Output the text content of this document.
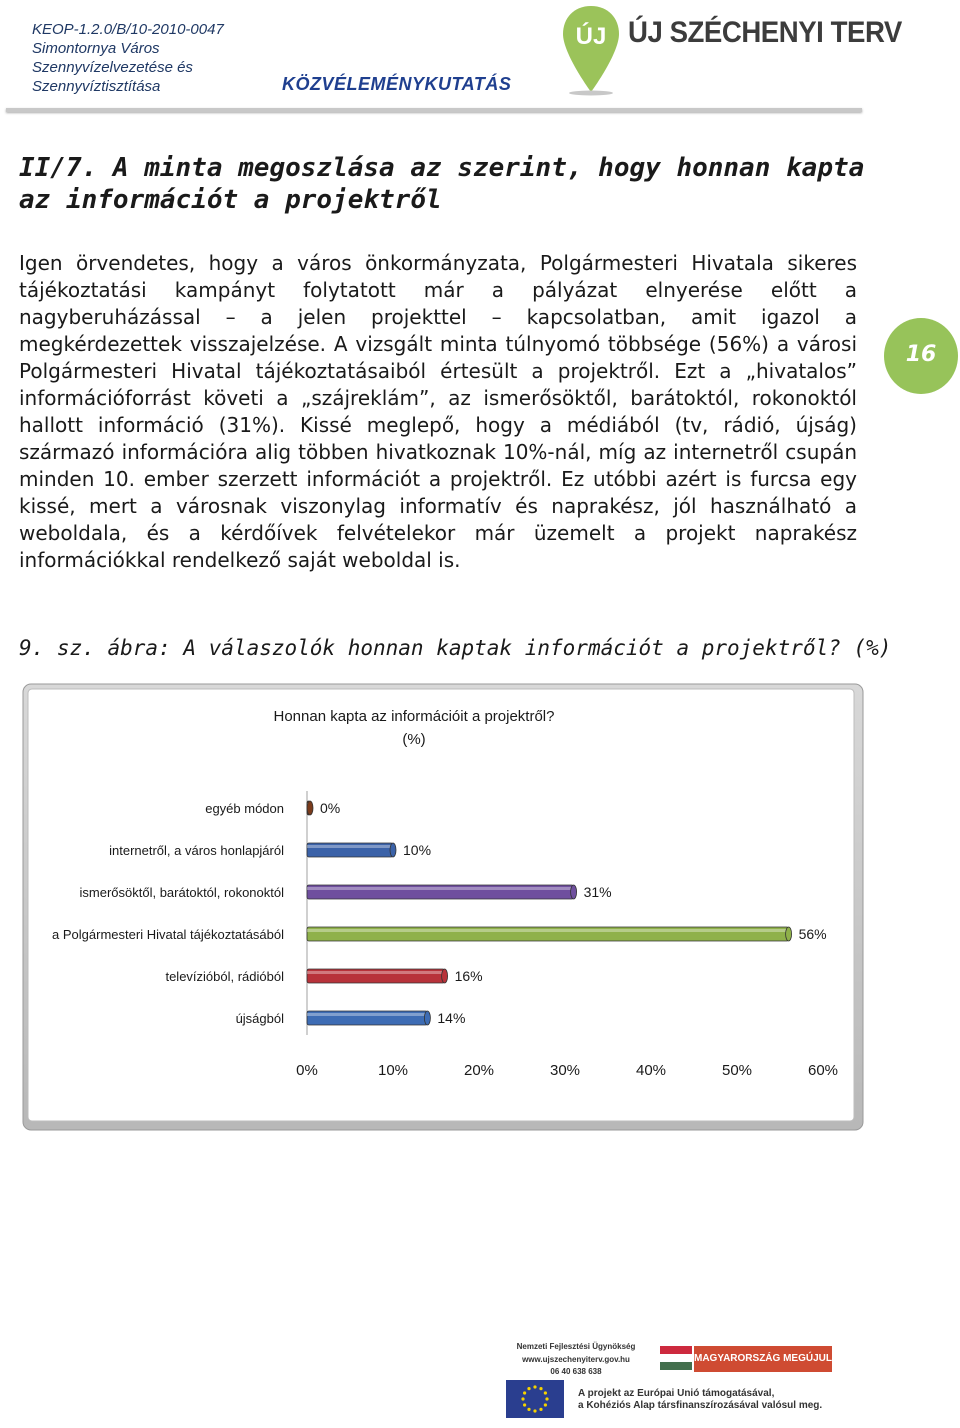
KEOP-1.2.0/B/10-2010-0047
Simontornya Város
Szennyvízelvezetése és
Szennyvíztisztítása	KÖZVÉLEMÉNYKUTATÁS
ÚJ ÚJ SZÉCHENYI TERV
16
II/7. A minta megoszlása az szerint, hogy honnan kapta az információt a projektről
Igen örvendetes, hogy a város önkormányzata, Polgármesteri Hivatala sikeres tájékoztatási kampányt folytatott már a pályázat elnyerése előtt a nagyberuházással – a jelen projekttel – kapcsolatban, amit igazol a megkérdezettek visszajelzése. A vizsgált minta túlnyomó többsége (56%) a városi Polgármesteri Hivatal tájékoztatásaiból értesült a projektről. Ezt a „hivatalos” információforrást követi a „szájreklám”, az ismerősöktől, barátoktól, rokonoktól hallott információ (31%). Kissé meglepő, hogy a médiából (tv, rádió, újság) származó információra alig többen hivatkoznak 10%-nál, míg az internetről csupán minden 10. ember szerzett információt a projektről. Ez utóbbi azért is furcsa egy kissé, mert a városnak viszonylag informatív és naprakész, jól használható a weboldala, és a kérdőívek felvételekor már üzemelt a projekt naprakész információkkal rendelkező saját weboldal is.
9. sz. ábra: A válaszolók honnan kaptak információt a projektről? (%)
Honnan kapta az információit a projektről?
(%)
egyéb módon	0%
internetről, a város honlapjáról	10%
ismerősöktől, barátoktól, rokonoktól	31%
a Polgármesteri Hivatal tájékoztatásából	56%
televízióból, rádióból	16%
újságból	14%
0%	10%	20%	30%	40%	50%	60%
Nemzeti Fejlesztési Ügynökség
www.ujszechenyiterv.gov.hu
06 40 638 638
MAGYARORSZÁG MEGÚJUL
A projekt az Európai Unió támogatásával,
a Kohéziós Alap társfinanszírozásával valósul meg.
